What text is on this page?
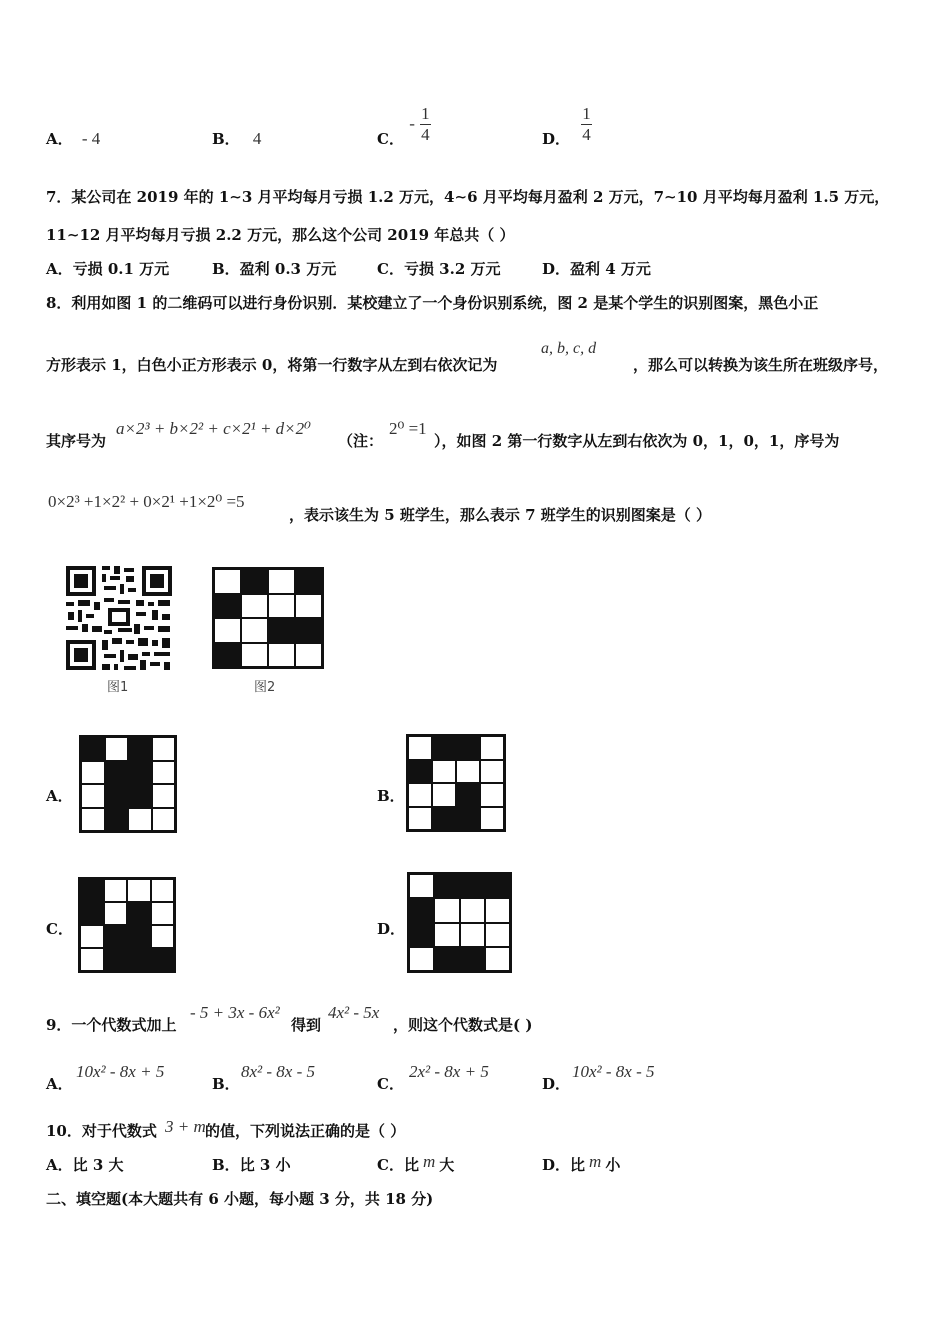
A． - 4	B． 4	C． - $\frac{1}{4}$	D． $\frac{1}{4}$
7．某公司在 2019 年的 1∼3 月平均每月亏损 1.2 万元，4∼6 月平均每月盈利 2 万元，7∼10 月平均每月盈利 1.5 万元，
11∼12 月平均每月亏损 2.2 万元，那么这个公司 2019 年总共（ ）
A．亏损 0.1 万元	B．盈利 0.3 万元	C．亏损 3.2 万元	D．盈利 4 万元
8．利用如图 1 的二维码可以进行身份识别．某校建立了一个身份识别系统，图 2 是某个学生的识别图案，黑色小正
方形表示 1，白色小正方形表示 0，将第一行数字从左到右依次记为
a, b, c, d
，那么可以转换为该生所在班级序号，
其序号为
a×2³ + b×2² + c×2¹ + d×2⁰
（注：
2⁰ =1
），如图 2 第一行数字从左到右依次为 0，1，0，1，序号为
0×2³ +1×2² + 0×2¹ +1×2⁰ =5
，表示该生为 5 班学生，那么表示 7 班学生的识别图案是（ ）
图1	图2
A．	B．
C．	D．
9．一个代数式加上
- 5 + 3x - 6x²
得到
4x² - 5x
，则这个代数式是( )
A．
10x² - 8x + 5
B．
8x² - 8x - 5
C．
2x² - 8x + 5
D．
10x² - 8x - 5
10．对于代数式 3 + m 的值，下列说法正确的是（ ）
A．比 3 大	B．比 3 小	C．比 m 大	D．比 m 小
二、填空题(本大题共有 6 小题，每小题 3 分，共 18 分)
